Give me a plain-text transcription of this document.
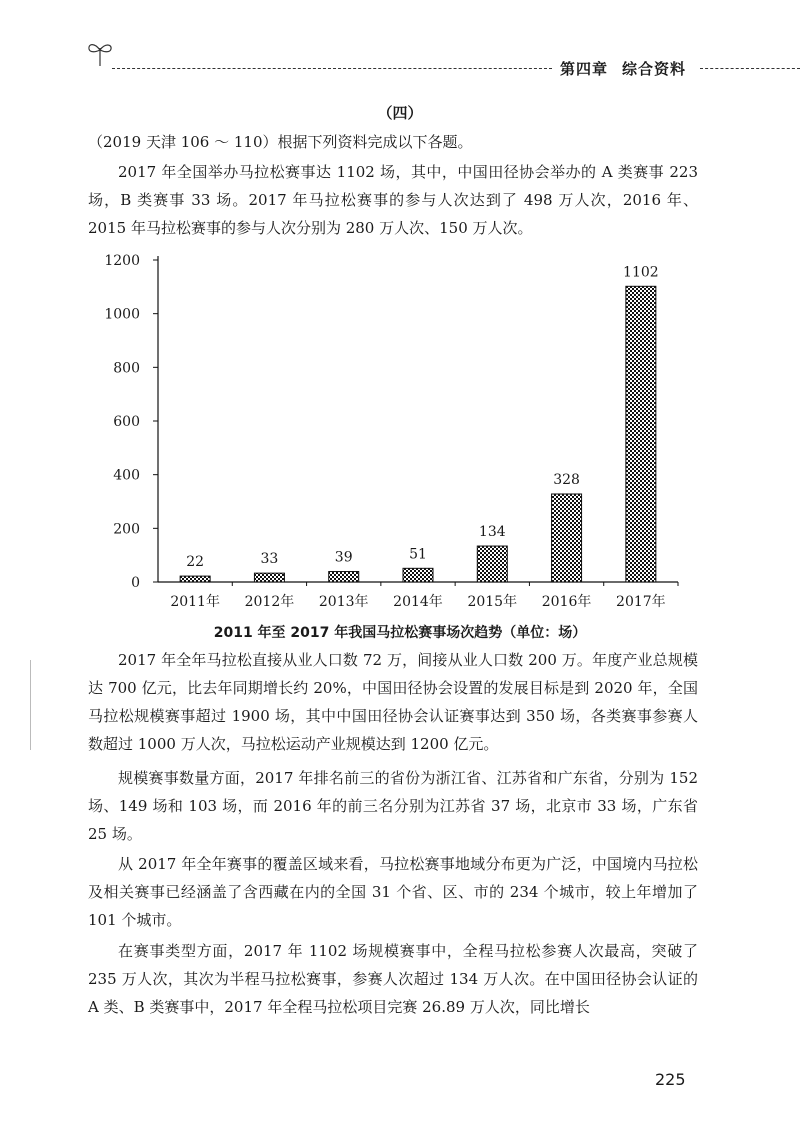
第四章 综合资料
（四）
（2019 天津 106 ～ 110）根据下列资料完成以下各题。
2017 年全国举办马拉松赛事达 1102 场，其中，中国田径协会举办的 A 类赛事 223 场，B 类赛事 33 场。2017 年马拉松赛事的参与人次达到了 498 万人次，2016 年、2015 年马拉松赛事的参与人次分别为 280 万人次、150 万人次。
0
200
400
600
800
1000
1200
2011年 2012年 2013年 2014年 2015年 2016年 2017年
22	33	39	51
134
328
1102
2011 年至 2017 年我国马拉松赛事场次趋势（单位：场）
2017 年全年马拉松直接从业人口数 72 万，间接从业人口数 200 万。年度产业总规模达 700 亿元，比去年同期增长约 20%，中国田径协会设置的发展目标是到 2020 年，全国马拉松规模赛事超过 1900 场，其中中国田径协会认证赛事达到 350 场，各类赛事参赛人数超过 1000 万人次，马拉松运动产业规模达到 1200 亿元。
规模赛事数量方面，2017 年排名前三的省份为浙江省、江苏省和广东省，分别为 152 场、149 场和 103 场，而 2016 年的前三名分别为江苏省 37 场，北京市 33 场，广东省 25 场。
从 2017 年全年赛事的覆盖区域来看，马拉松赛事地域分布更为广泛，中国境内马拉松及相关赛事已经涵盖了含西藏在内的全国 31 个省、区、市的 234 个城市，较上年增加了 101 个城市。
在赛事类型方面，2017 年 1102 场规模赛事中，全程马拉松参赛人次最高，突破了 235 万人次，其次为半程马拉松赛事，参赛人次超过 134 万人次。在中国田径协会认证的 A 类、B 类赛事中，2017 年全程马拉松项目完赛 26.89 万人次，同比增长
225
